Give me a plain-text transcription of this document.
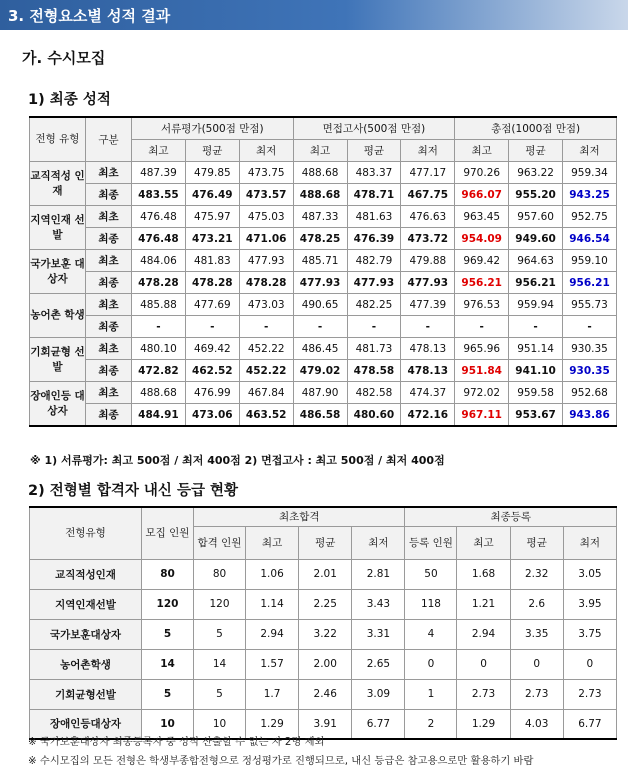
3. 전형요소별 성적 결과
가. 수시모집
1) 최종 성적
전형 유형	구분	서류평가(500점 만점)			면접고사(500점 만점)			총점(1000점 만점)		
		최고	평균	최저	최고	평균	최저	최고	평균	최저
교직적성 인재	최초	487.39	479.85	473.75	488.68	483.37	477.17	970.26	963.22	959.34
	최종	483.55	476.49	473.57	488.68	478.71	467.75	966.07	955.20	943.25
지역인재 선발	최초	476.48	475.97	475.03	487.33	481.63	476.63	963.45	957.60	952.75
	최종	476.48	473.21	471.06	478.25	476.39	473.72	954.09	949.60	946.54
국가보훈 대상자	최초	484.06	481.83	477.93	485.71	482.79	479.88	969.42	964.63	959.10
	최종	478.28	478.28	478.28	477.93	477.93	477.93	956.21	956.21	956.21
농어촌 학생	최초	485.88	477.69	473.03	490.65	482.25	477.39	976.53	959.94	955.73
	최종	-	-	-	-	-	-	-	-	-
기회균형 선발	최초	480.10	469.42	452.22	486.45	481.73	478.13	965.96	951.14	930.35
	최종	472.82	462.52	452.22	479.02	478.58	478.13	951.84	941.10	930.35
장애인등 대상자	최초	488.68	476.99	467.84	487.90	482.58	474.37	972.02	959.58	952.68
	최종	484.91	473.06	463.52	486.58	480.60	472.16	967.11	953.67	943.86
※ 1) 서류평가: 최고 500점 / 최저 400점 2) 면접고사 : 최고 500점 / 최저 400점
2) 전형별 합격자 내신 등급 현황
전형유형	모집 인원	최초합격				최종등록			
		합격 인원	최고	평균	최저	등록 인원	최고	평균	최저
교직적성인재	80	80	1.06	2.01	2.81	50	1.68	2.32	3.05
지역인재선발	120	120	1.14	2.25	3.43	118	1.21	2.6	3.95
국가보훈대상자	5	5	2.94	3.22	3.31	4	2.94	3.35	3.75
농어촌학생	14	14	1.57	2.00	2.65	0	0	0	0
기회균형선발	5	5	1.7	2.46	3.09	1	2.73	2.73	2.73
장애인등대상자	10	10	1.29	3.91	6.77	2	1.29	4.03	6.77
※ 국가보훈대상자 최종등록자 중 성적 산출할 수 없는 자 2명 제외
※ 수시모집의 모든 전형은 학생부종합전형으로 정성평가로 진행되므로, 내신 등급은 참고용으로만 활용하기 바람
